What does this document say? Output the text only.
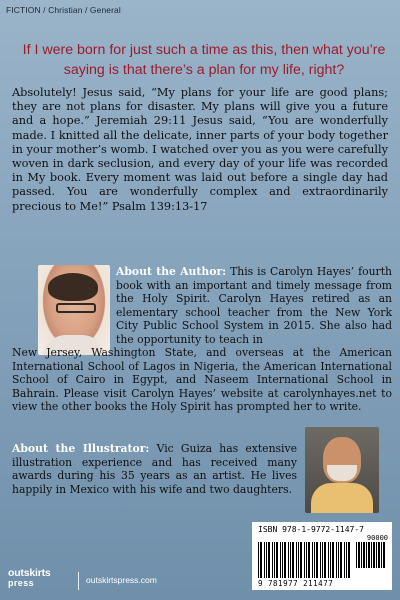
FICTION / Christian / General
If I were born for just such a time as this, then what you’re saying is that there’s a plan for my life, right?

Absolutely! Jesus said, “My plans for your life are good plans; they are not plans for disaster. My plans will give you a future and a hope.” Jeremiah 29:11 Jesus said, “You are wonderfully made. I knitted all the delicate, inner parts of your body together in your mother’s womb. I watched over you as you were carefully woven in dark seclusion, and every day of your life was recorded in My book. Every moment was laid out before a single day had passed. You are wonderfully complex and extraordinarily precious to Me!” Psalm 139:13-17

About the Author: This is Carolyn Hayes’ fourth book with an important and timely message from the Holy Spirit. Carolyn Hayes retired as an elementary school teacher from the New York City Public School System in 2015. She also had the opportunity to teach in
New Jersey, Washington State, and overseas at the American International School of Lagos in Nigeria, the American International School of Cairo in Egypt, and Naseem International School in Bahrain. Please visit Carolyn Hayes’ website at carolynhayes.net to view the other books the Holy Spirit has prompted her to write.
About the Illustrator: Vic Guiza has extensive illustration experience and has received many awards during his 35 years as an artist. He lives happily in Mexico with his wife and two daughters.
ISBN 978-1-9772-1147-7
90000
9 781977 211477
outskirts
press	outskirtspress.com
